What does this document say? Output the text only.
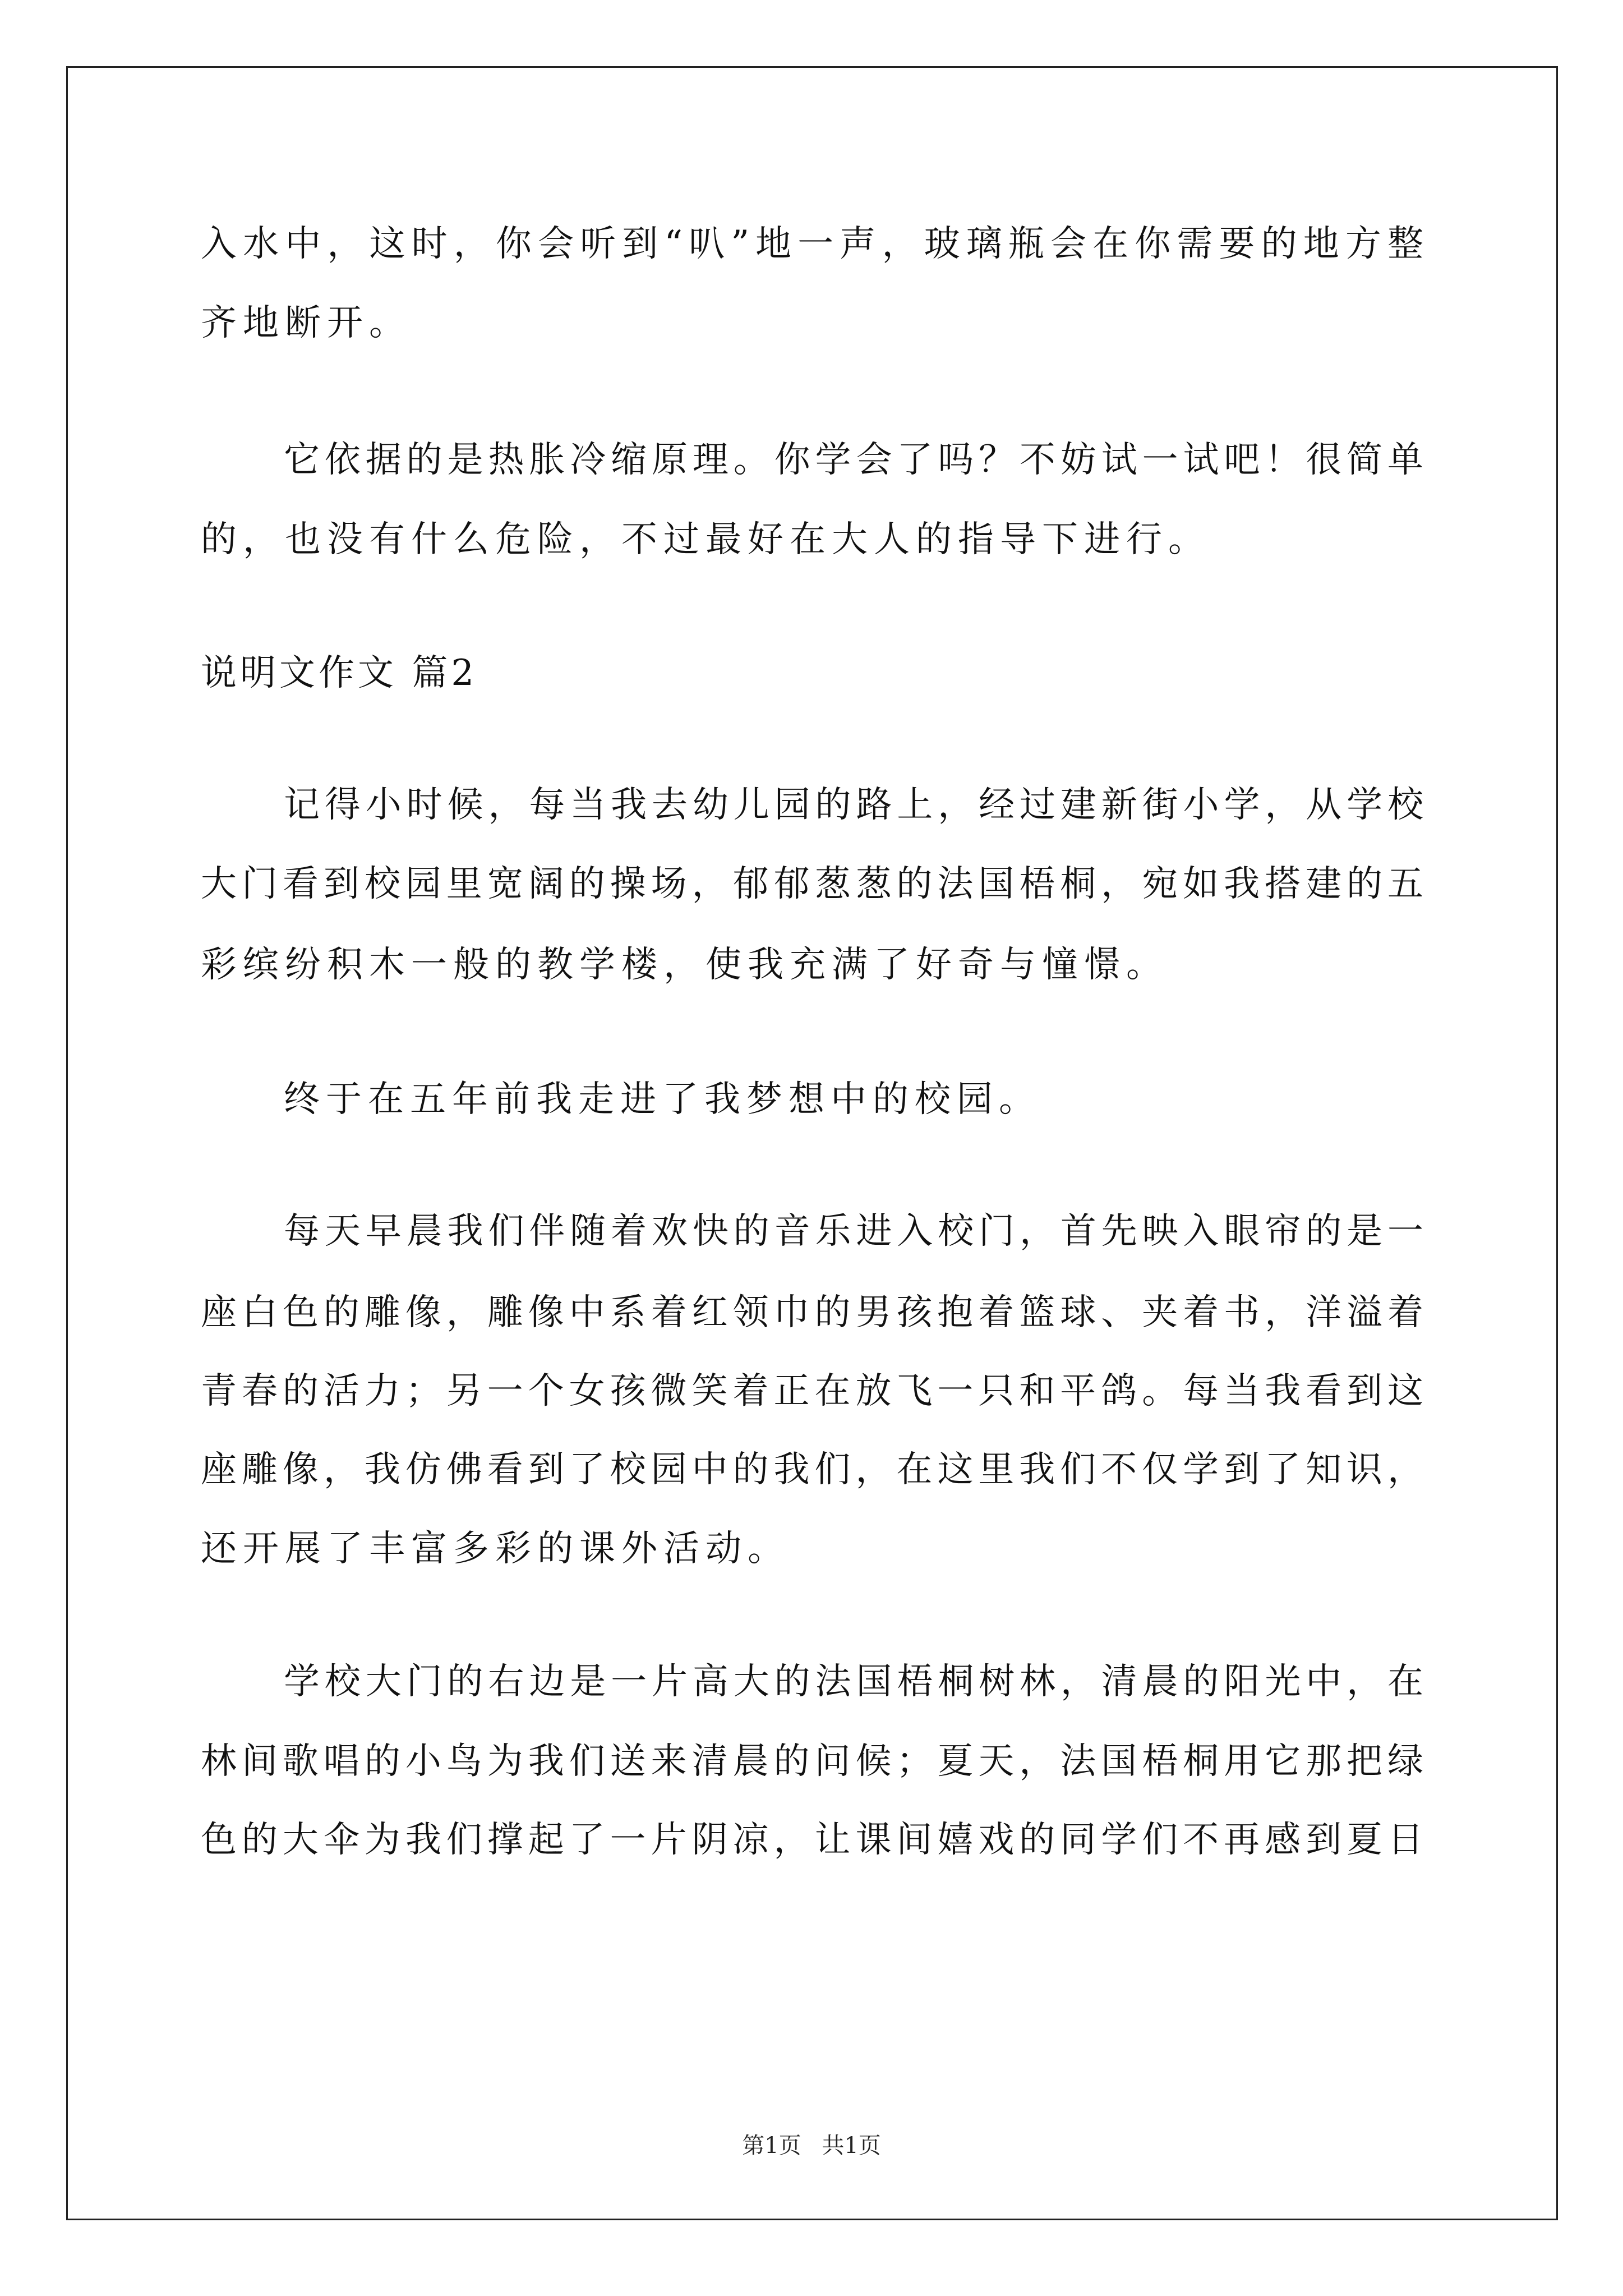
入水中，这时，你会听到“叭”地一声，玻璃瓶会在你需要的地方整
齐地断开。
它依据的是热胀冷缩原理。你学会了吗？不妨试一试吧！很简单
的，也没有什么危险，不过最好在大人的指导下进行。
说明文作文 篇2
记得小时候，每当我去幼儿园的路上，经过建新街小学，从学校
大门看到校园里宽阔的操场，郁郁葱葱的法国梧桐，宛如我搭建的五
彩缤纷积木一般的教学楼，使我充满了好奇与憧憬。
终于在五年前我走进了我梦想中的校园。
每天早晨我们伴随着欢快的音乐进入校门，首先映入眼帘的是一
座白色的雕像，雕像中系着红领巾的男孩抱着篮球、夹着书，洋溢着
青春的活力；另一个女孩微笑着正在放飞一只和平鸽。每当我看到这
座雕像，我仿佛看到了校园中的我们，在这里我们不仅学到了知识，
还开展了丰富多彩的课外活动。
学校大门的右边是一片高大的法国梧桐树林，清晨的阳光中，在
林间歌唱的小鸟为我们送来清晨的问候；夏天，法国梧桐用它那把绿
色的大伞为我们撑起了一片阴凉，让课间嬉戏的同学们不再感到夏日
第1页 共1页
